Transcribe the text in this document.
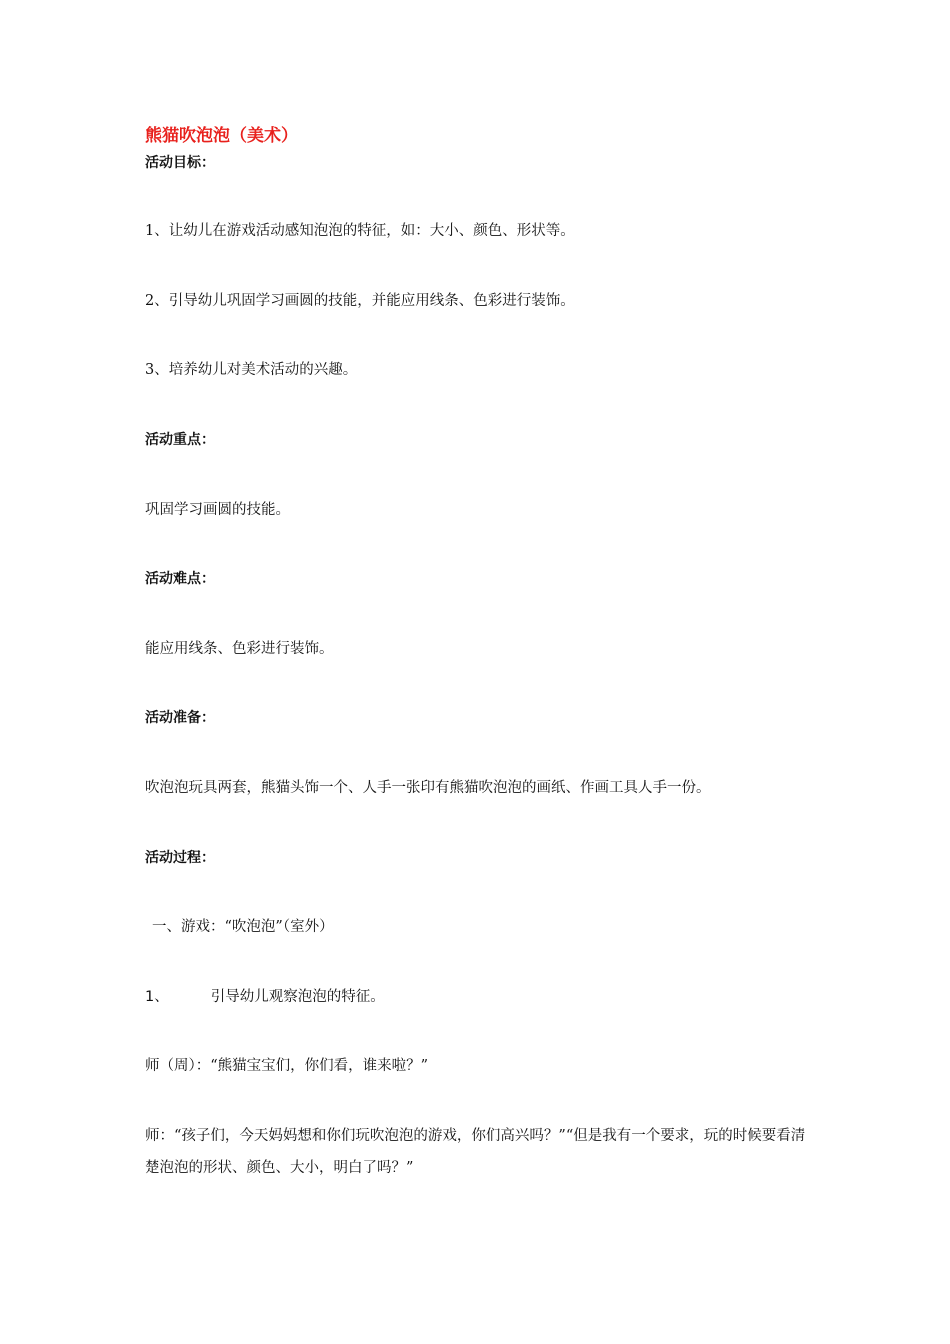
熊猫吹泡泡（美术）
活动目标：
1、让幼儿在游戏活动感知泡泡的特征，如：大小、颜色、形状等。
2、引导幼儿巩固学习画圆的技能，并能应用线条、色彩进行装饰。
3、培养幼儿对美术活动的兴趣。
活动重点：
巩固学习画圆的技能。
活动难点：
能应用线条、色彩进行装饰。
活动准备：
吹泡泡玩具两套，熊猫头饰一个、人手一张印有熊猫吹泡泡的画纸、作画工具人手一份。
活动过程：
一、游戏：“吹泡泡”（室外）
1、	引导幼儿观察泡泡的特征。
师（周）：“熊猫宝宝们，你们看，谁来啦？”
师：“孩子们，今天妈妈想和你们玩吹泡泡的游戏，你们高兴吗？”“但是我有一个要求，玩的时候要看清楚泡泡的形状、颜色、大小，明白了吗？”
